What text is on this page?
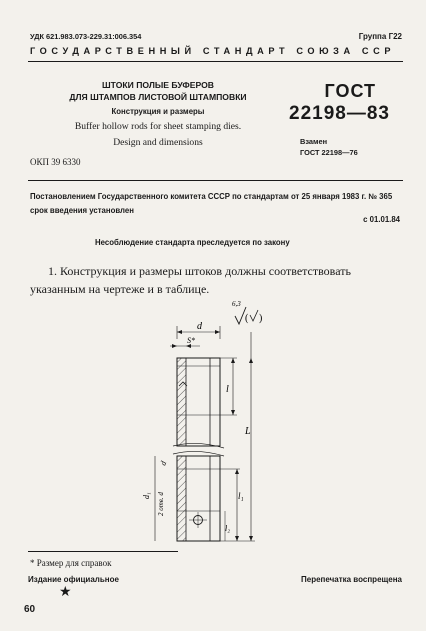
УДК 621.983.073-229.31:006.354	Группа Г22
ГОСУДАРСТВЕННЫЙ СТАНДАРТ СОЮЗА ССР
ШТОКИ ПОЛЫЕ БУФЕРОВ
ДЛЯ ШТАМПОВ ЛИСТОВОЙ ШТАМПОВКИ
Конструкция и размеры
Buffer hollow rods for sheet stamping dies.
Design and dimensions
ГОСТ
22198—83
Взамен
ГОСТ 22198—76
ОКП 39 6330
Постановлением Государственного комитета СССР по стандартам от 25 января 1983 г. № 365 срок введения установлен
с 01.01.84
Несоблюдение стандарта преследуется по закону
1. Конструкция и размеры штоков должны соответствовать указанным на чертеже и в таблице.
( )
6,3
d
S*
l
L
l₁
l₂
d₁ 2 отв. d
d
* Размер для справок
Издание официальное	Перепечатка воспрещена
★
60
